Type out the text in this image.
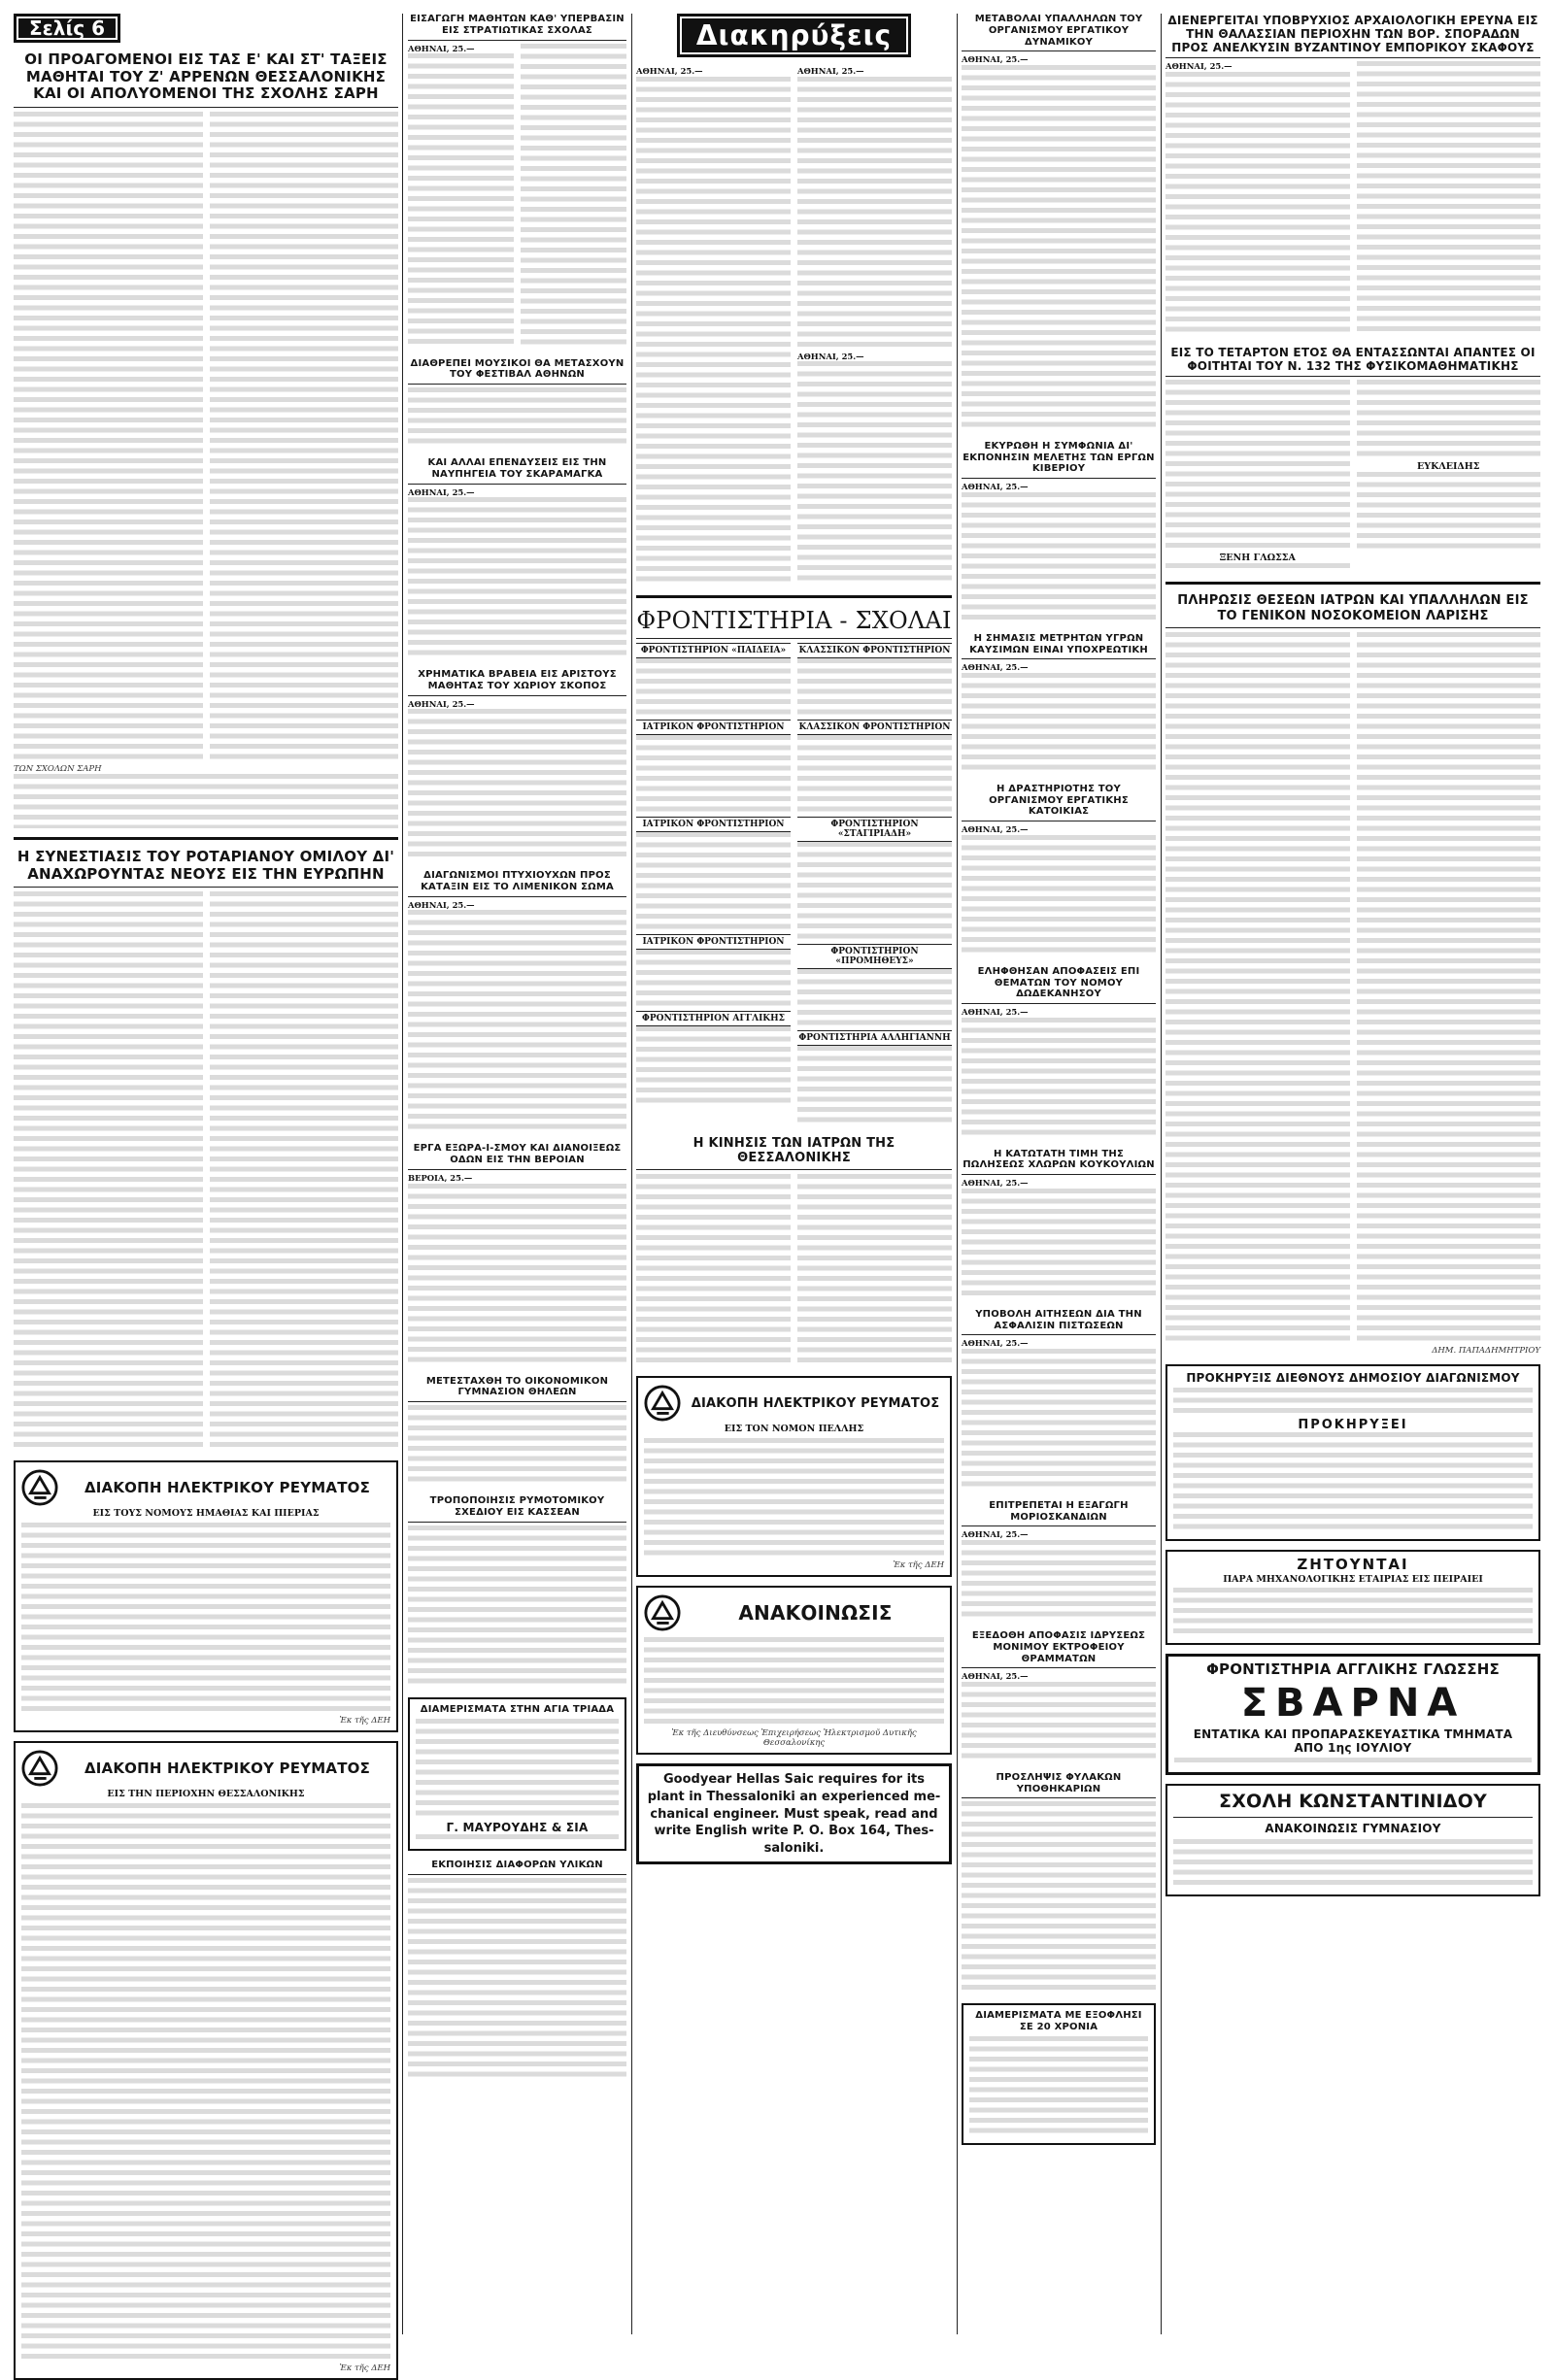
Σελίς 6
ΟΙ ΠΡΟΑΓΟΜΕΝΟΙ ΕΙΣ ΤΑΣ Ε' ΚΑΙ ΣΤ' ΤΑΞΕΙΣ ΜΑΘΗΤΑΙ ΤΟΥ Ζ' ΑΡΡΕΝΩΝ ΘΕΣΣΑΛΟΝΙΚΗΣ ΚΑΙ ΟΙ ΑΠΟΛΥΟΜΕΝΟΙ ΤΗΣ ΣΧΟΛΗΣ ΣΑΡΗ
ΤΩΝ ΣΧΟΛΩΝ ΣΑΡΗ
Η ΣΥΝΕΣΤΙΑΣΙΣ ΤΟΥ ΡΟΤΑΡΙΑΝΟΥ ΟΜΙΛΟΥ ΔΙ' ΑΝΑΧΩΡΟΥΝΤΑΣ ΝΕΟΥΣ ΕΙΣ ΤΗΝ ΕΥΡΩΠΗΝ
ΔΙΑΚΟΠΗ ΗΛΕΚΤΡΙΚΟΥ ΡΕΥΜΑΤΟΣ
ΕΙΣ ΤΟΥΣ ΝΟΜΟΥΣ ΗΜΑΘΙΑΣ ΚΑΙ ΠΙΕΡΙΑΣ
Ἐκ τῆς ΔΕΗ
ΔΙΑΚΟΠΗ ΗΛΕΚΤΡΙΚΟΥ ΡΕΥΜΑΤΟΣ
ΕΙΣ ΤΗΝ ΠΕΡΙΟΧΗΝ ΘΕΣΣΑΛΟΝΙΚΗΣ
Ἐκ τῆς ΔΕΗ
ΕΙΣΑΓΩΓΗ ΜΑΘΗΤΩΝ ΚΑΘ' ΥΠΕΡΒΑΣΙΝ ΕΙΣ ΣΤΡΑΤΙΩΤΙΚΑΣ ΣΧΟΛΑΣ
ΑΘΗΝΑΙ, 25.—
ΔΙΑΘΡΕΠΕΙ ΜΟΥΣΙΚΟΙ ΘΑ ΜΕΤΑΣΧΟΥΝ ΤΟΥ ΦΕΣΤΙΒΑΛ ΑΘΗΝΩΝ
ΚΑΙ ΑΛΛΑΙ ΕΠΕΝΔΥΣΕΙΣ ΕΙΣ ΤΗΝ ΝΑΥΠΗΓΕΙΑ ΤΟΥ ΣΚΑΡΑΜΑΓΚΑ
ΑΘΗΝΑΙ, 25.—
ΧΡΗΜΑΤΙΚΑ ΒΡΑΒΕΙΑ ΕΙΣ ΑΡΙΣΤΟΥΣ ΜΑΘΗΤΑΣ ΤΟΥ ΧΩΡΙΟΥ ΣΚΟΠΟΣ
ΑΘΗΝΑΙ, 25.—
ΔΙΑΓΩΝΙΣΜΟΙ ΠΤΥΧΙΟΥΧΩΝ ΠΡΟΣ ΚΑΤΑΞΙΝ ΕΙΣ ΤΟ ΛΙΜΕΝΙΚΟΝ ΣΩΜΑ
ΑΘΗΝΑΙ, 25.—
ΕΡΓΑ ΕΞΩΡΑ-Ι-ΣΜΟΥ ΚΑΙ ΔΙΑΝΟΙΞΕΩΣ ΟΔΩΝ ΕΙΣ ΤΗΝ ΒΕΡΟΙΑΝ
ΒΕΡΟΙΑ, 25.—
ΜΕΤΕΣΤΑΧΘΗ ΤΟ ΟΙΚΟΝΟΜΙΚΟΝ ΓΥΜΝΑΣΙΟΝ ΘΗΛΕΩΝ
ΤΡΟΠΟΠΟΙΗΣΙΣ ΡΥΜΟΤΟΜΙΚΟΥ ΣΧΕΔΙΟΥ ΕΙΣ ΚΑΣΣΕΑΝ
ΔΙΑΜΕΡΙΣΜΑΤΑ ΣΤΗΝ ΑΓΙΑ ΤΡΙΑΔΑ
Γ. ΜΑΥΡΟΥΔΗΣ & ΣΙΑ
ΕΚΠΟΙΗΣΙΣ ΔΙΑΦΟΡΩΝ ΥΛΙΚΩΝ
Διακηρύξεις
ΑΘΗΝΑΙ, 25.—	ΑΘΗΝΑΙ, 25.—
ΑΘΗΝΑΙ, 25.—
ΦΡΟΝΤΙΣΤΗΡΙΑ - ΣΧΟΛΑΙ
ΦΡΟΝΤΙΣΤΗΡΙΟΝ «ΠΑΙΔΕΙΑ»
ΙΑΤΡΙΚΟΝ ΦΡΟΝΤΙΣΤΗΡΙΟΝ
ΙΑΤΡΙΚΟΝ ΦΡΟΝΤΙΣΤΗΡΙΟΝ
ΙΑΤΡΙΚΟΝ ΦΡΟΝΤΙΣΤΗΡΙΟΝ
ΦΡΟΝΤΙΣΤΗΡΙΟΝ ΑΓΓΛΙΚΗΣ
ΚΛΑΣΣΙΚΟΝ ΦΡΟΝΤΙΣΤΗΡΙΟΝ
ΚΛΑΣΣΙΚΟΝ ΦΡΟΝΤΙΣΤΗΡΙΟΝ
ΦΡΟΝΤΙΣΤΗΡΙΟΝ «ΣΤΑΓΙΡΙΑΔΗ»
ΦΡΟΝΤΙΣΤΗΡΙΟΝ «ΠΡΟΜΗΘΕΥΣ»
ΦΡΟΝΤΙΣΤΗΡΙΑ ΑΛΛΗΓΙΑΝΝΗ
Η ΚΙΝΗΣΙΣ ΤΩΝ ΙΑΤΡΩΝ ΤΗΣ ΘΕΣΣΑΛΟΝΙΚΗΣ
ΔΙΑΚΟΠΗ ΗΛΕΚΤΡΙΚΟΥ ΡΕΥΜΑΤΟΣ
ΕΙΣ ΤΟΝ ΝΟΜΟΝ ΠΕΛΛΗΣ
Ἐκ τῆς ΔΕΗ
ΑΝΑΚΟΙΝΩΣΙΣ
Ἐκ τῆς Διευθύνσεως Ἐπιχειρήσεως Ἠλεκτρισμοῦ Δυτικῆς Θεσσαλονίκης
Goodyear Hellas Saic requires for its
plant in Thessaloniki an experienced me-
chanical engineer. Must speak, read and
write English write P. O. Box 164, Thes-
saloniki.
ΜΕΤΑΒΟΛΑΙ ΥΠΑΛΛΗΛΩΝ ΤΟΥ ΟΡΓΑΝΙΣΜΟΥ ΕΡΓΑΤΙΚΟΥ ΔΥΝΑΜΙΚΟΥ
ΑΘΗΝΑΙ, 25.—
ΕΚΥΡΩΘΗ Η ΣΥΜΦΩΝΙΑ ΔΙ' ΕΚΠΟΝΗΣΙΝ ΜΕΛΕΤΗΣ ΤΩΝ ΕΡΓΩΝ ΚΙΒΕΡΙΟΥ
ΑΘΗΝΑΙ, 25.—
Η ΣΗΜΑΣΙΣ ΜΕΤΡΗΤΩΝ ΥΓΡΩΝ ΚΑΥΣΙΜΩΝ ΕΙΝΑΙ ΥΠΟΧΡΕΩΤΙΚΗ
ΑΘΗΝΑΙ, 25.—
Η ΔΡΑΣΤΗΡΙΟΤΗΣ ΤΟΥ ΟΡΓΑΝΙΣΜΟΥ ΕΡΓΑΤΙΚΗΣ ΚΑΤΟΙΚΙΑΣ
ΑΘΗΝΑΙ, 25.—
ΕΛΗΦΘΗΣΑΝ ΑΠΟΦΑΣΕΙΣ ΕΠΙ ΘΕΜΑΤΩΝ ΤΟΥ ΝΟΜΟΥ ΔΩΔΕΚΑΝΗΣΟΥ
ΑΘΗΝΑΙ, 25.—
Η ΚΑΤΩΤΑΤΗ ΤΙΜΗ ΤΗΣ ΠΩΛΗΣΕΩΣ ΧΛΩΡΩΝ ΚΟΥΚΟΥΛΙΩΝ
ΑΘΗΝΑΙ, 25.—
ΥΠΟΒΟΛΗ ΑΙΤΗΣΕΩΝ ΔΙΑ ΤΗΝ ΑΣΦΑΛΙΣΙΝ ΠΙΣΤΩΣΕΩΝ
ΑΘΗΝΑΙ, 25.—
ΕΠΙΤΡΕΠΕΤΑΙ Η ΕΞΑΓΩΓΗ ΜΟΡΙΟΣΚΑΝΔΙΩΝ
ΑΘΗΝΑΙ, 25.—
ΕΞΕΔΟΘΗ ΑΠΟΦΑΣΙΣ ΙΔΡΥΣΕΩΣ ΜΟΝΙΜΟΥ ΕΚΤΡΟΦΕΙΟΥ ΘΡΑΜΜΑΤΩΝ
ΑΘΗΝΑΙ, 25.—
ΠΡΟΣΛΗΨΙΣ ΦΥΛΑΚΩΝ ΥΠΟΘΗΚΑΡΙΩΝ
ΔΙΑΜΕΡΙΣΜΑΤΑ ΜΕ ΕΞΟΦΛΗΣΙ ΣΕ 20 ΧΡΟΝΙΑ
ΔΙΕΝΕΡΓΕΙΤΑΙ ΥΠΟΒΡΥΧΙΟΣ ΑΡΧΑΙΟΛΟΓΙΚΗ ΕΡΕΥΝΑ ΕΙΣ ΤΗΝ ΘΑΛΑΣΣΙΑΝ ΠΕΡΙΟΧΗΝ ΤΩΝ ΒΟΡ. ΣΠΟΡΑΔΩΝ ΠΡΟΣ ΑΝΕΛΚΥΣΙΝ ΒΥΖΑΝΤΙΝΟΥ ΕΜΠΟΡΙΚΟΥ ΣΚΑΦΟΥΣ
ΑΘΗΝΑΙ, 25.—
ΕΙΣ ΤΟ ΤΕΤΑΡΤΟΝ ΕΤΟΣ ΘΑ ΕΝΤΑΣΣΩΝΤΑΙ ΑΠΑΝΤΕΣ ΟΙ ΦΟΙΤΗΤΑΙ ΤΟΥ Ν. 132 ΤΗΣ ΦΥΣΙΚΟΜΑΘΗΜΑΤΙΚΗΣ
ΞΕΝΗ ΓΛΩΣΣΑ
ΕΥΚΛΕΙΔΗΣ
ΠΛΗΡΩΣΙΣ ΘΕΣΕΩΝ ΙΑΤΡΩΝ ΚΑΙ ΥΠΑΛΛΗΛΩΝ ΕΙΣ ΤΟ ΓΕΝΙΚΟΝ ΝΟΣΟΚΟΜΕΙΟΝ ΛΑΡΙΣΗΣ
ΔΗΜ. ΠΑΠΑΔΗΜΗΤΡΙΟΥ
ΠΡΟΚΗΡΥΞΙΣ ΔΙΕΘΝΟΥΣ ΔΗΜΟΣΙΟΥ ΔΙΑΓΩΝΙΣΜΟΥ
ΠΡΟΚΗΡΥΞΕΙ
ΖΗΤΟΥΝΤΑΙ
ΠΑΡΑ ΜΗΧΑΝΟΛΟΓΙΚΗΣ ΕΤΑΙΡΙΑΣ ΕΙΣ ΠΕΙΡΑΙΕΙ
ΦΡΟΝΤΙΣΤΗΡΙΑ ΑΓΓΛΙΚΗΣ ΓΛΩΣΣΗΣ
ΣΒΑΡΝΑ
ΕΝΤΑΤΙΚΑ ΚΑΙ ΠΡΟΠΑΡΑΣΚΕΥΑΣΤΙΚΑ ΤΜΗΜΑΤΑ
ΑΠΟ 1ης ΙΟΥΛΙΟΥ
ΣΧΟΛΗ ΚΩΝΣΤΑΝΤΙΝΙΔΟΥ
ΑΝΑΚΟΙΝΩΣΙΣ ΓΥΜΝΑΣΙΟΥ
